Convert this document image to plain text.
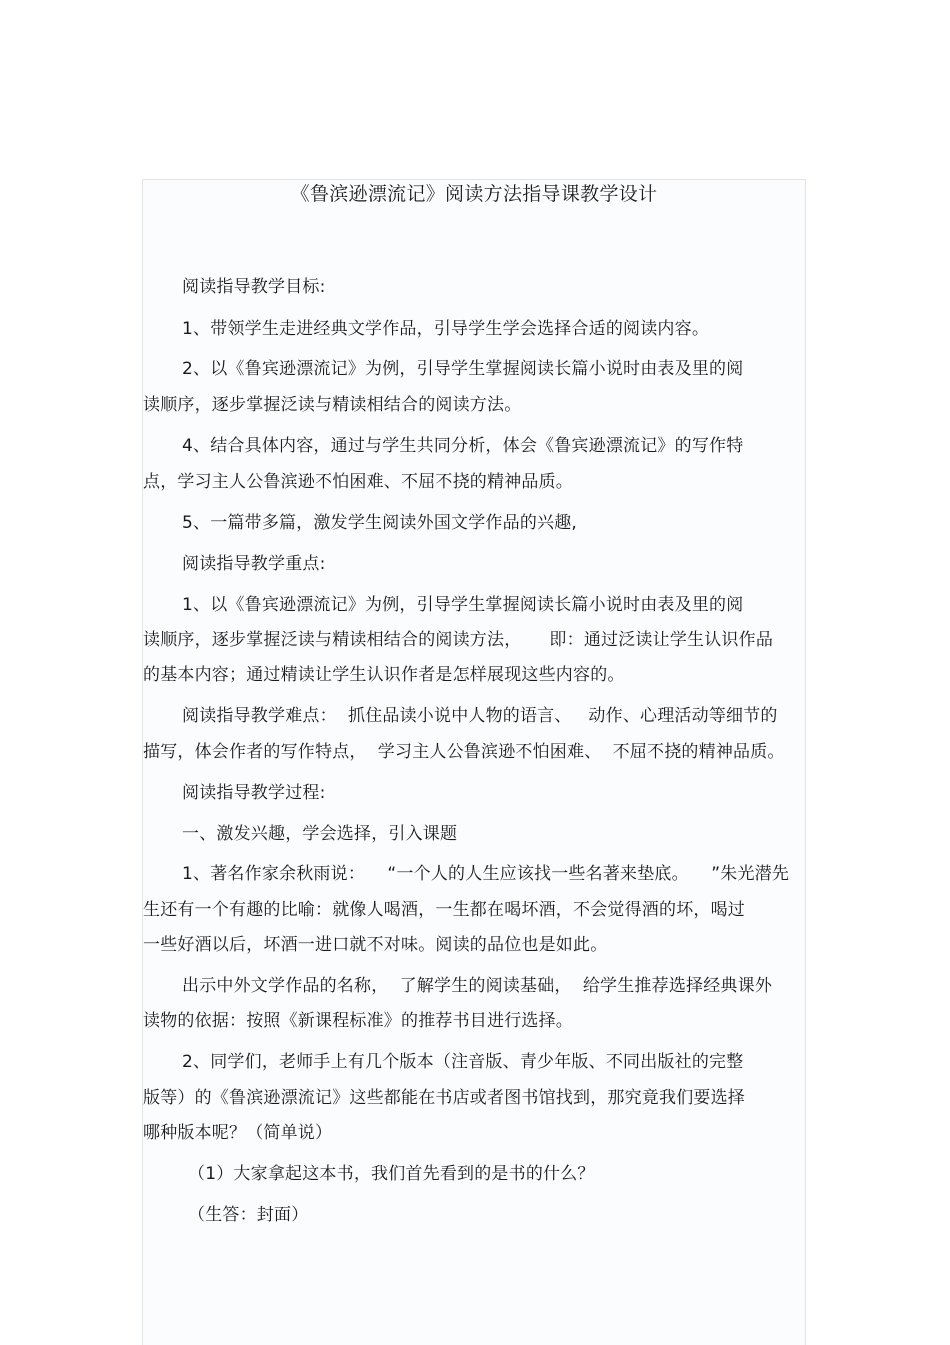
《鲁滨逊漂流记》阅读方法指导课教学设计
阅读指导教学目标:
1、带领学生走进经典文学作品，引导学生学会选择合适的阅读内容。
2、以《鲁宾逊漂流记》为例，引导学生掌握阅读长篇小说时由表及里的阅
读顺序，逐步掌握泛读与精读相结合的阅读方法。
4、结合具体内容，通过与学生共同分析，体会《鲁宾逊漂流记》的写作特
点，学习主人公鲁滨逊不怕困难、不屈不挠的精神品质。
5、一篇带多篇，激发学生阅读外国文学作品的兴趣,
阅读指导教学重点:
1、以《鲁宾逊漂流记》为例，引导学生掌握阅读长篇小说时由表及里的阅
读顺序，逐步掌握泛读与精读相结合的阅读方法，     即：通过泛读让学生认识作品
的基本内容；通过精读让学生认识作者是怎样展现这些内容的。
阅读指导教学难点：  抓住品读小说中人物的语言、   动作、心理活动等细节的
描写，体会作者的写作特点，  学习主人公鲁滨逊不怕困难、  不屈不挠的精神品质。
阅读指导教学过程:
一、激发兴趣，学会选择，引入课题
1、著名作家余秋雨说：    “一个人的人生应该找一些名著来垫底。    ”朱光潜先
生还有一个有趣的比喻：就像人喝酒，一生都在喝坏酒，不会觉得酒的坏，喝过
一些好酒以后，坏酒一进口就不对味。阅读的品位也是如此。
出示中外文学作品的名称，  了解学生的阅读基础，  给学生推荐选择经典课外
读物的依据：按照《新课程标准》的推荐书目进行选择。
2、同学们，老师手上有几个版本（注音版、青少年版、不同出版社的完整
版等）的《鲁滨逊漂流记》这些都能在书店或者图书馆找到，那究竟我们要选择
哪种版本呢？（简单说）
（1）大家拿起这本书，我们首先看到的是书的什么？
（生答：封面）
